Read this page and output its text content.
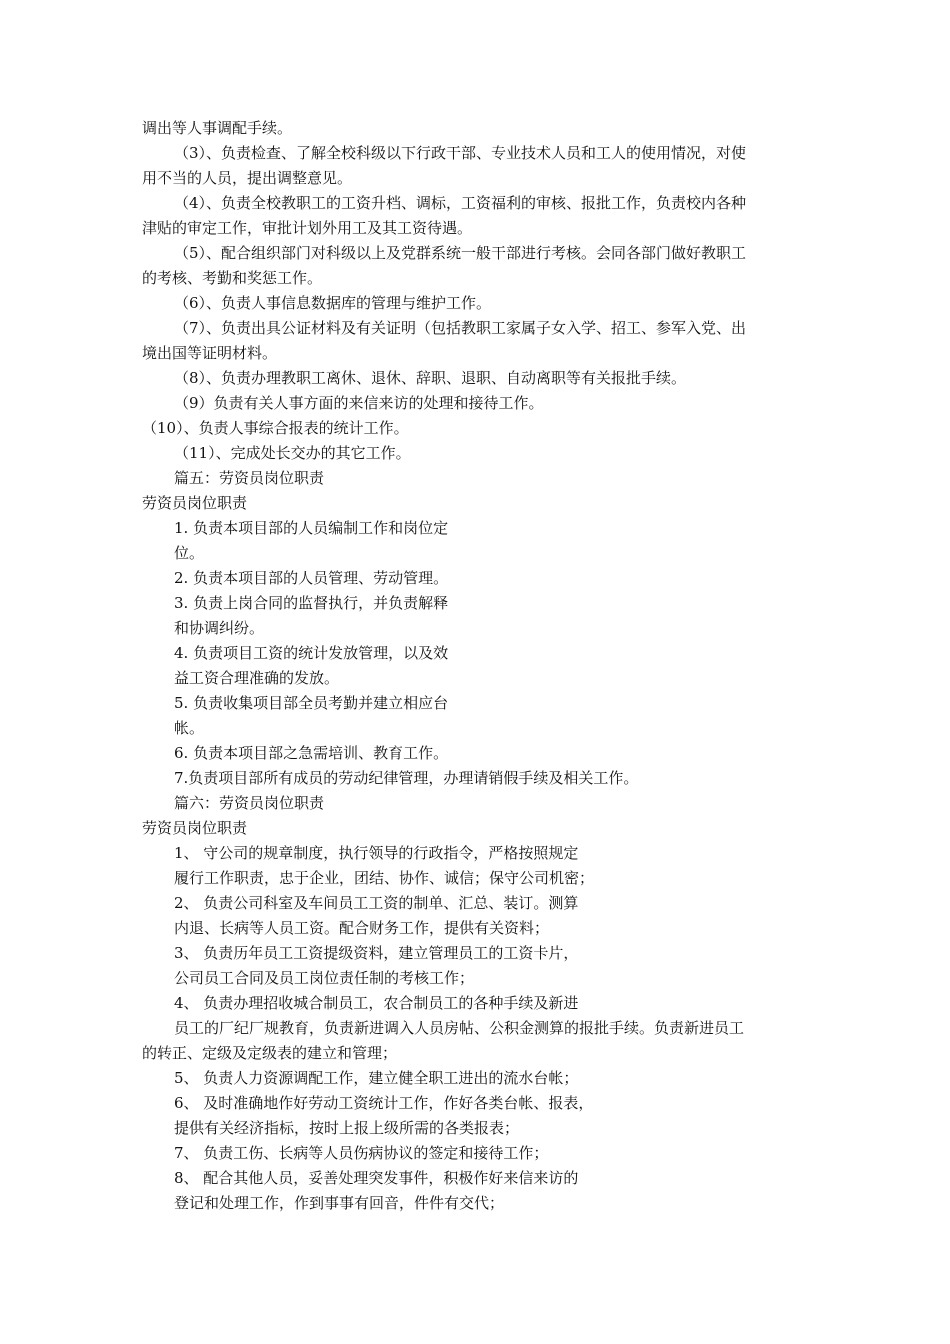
调出等人事调配手续。
（3）、负责检查、了解全校科级以下行政干部、专业技术人员和工人的使用情况，对使
用不当的人员，提出调整意见。
（4）、负责全校教职工的工资升档、调标，工资福利的审核、报批工作，负责校内各种
津贴的审定工作，审批计划外用工及其工资待遇。
（5）、配合组织部门对科级以上及党群系统一般干部进行考核。会同各部门做好教职工
的考核、考勤和奖惩工作。
（6）、负责人事信息数据库的管理与维护工作。
（7）、负责出具公证材料及有关证明（包括教职工家属子女入学、招工、参军入党、出
境出国等证明材料。
（8）、负责办理教职工离休、退休、辞职、退职、自动离职等有关报批手续。
（9）负责有关人事方面的来信来访的处理和接待工作。
（10）、负责人事综合报表的统计工作。
（11）、完成处长交办的其它工作。
篇五：劳资员岗位职责
劳资员岗位职责
1. 负责本项目部的人员编制工作和岗位定
位。
2. 负责本项目部的人员管理、劳动管理。
3. 负责上岗合同的监督执行，并负责解释
和协调纠纷。
4. 负责项目工资的统计发放管理，以及效
益工资合理准确的发放。
5. 负责收集项目部全员考勤并建立相应台
帐。
6. 负责本项目部之急需培训、教育工作。
7.负责项目部所有成员的劳动纪律管理，办理请销假手续及相关工作。
篇六：劳资员岗位职责
劳资员岗位职责
1、 守公司的规章制度，执行领导的行政指令，严格按照规定
履行工作职责，忠于企业，团结、协作、诚信；保守公司机密；
2、 负责公司科室及车间员工工资的制单、汇总、装订。测算
内退、长病等人员工资。配合财务工作，提供有关资料；
3、 负责历年员工工资提级资料，建立管理员工的工资卡片，
公司员工合同及员工岗位责任制的考核工作；
4、 负责办理招收城合制员工，农合制员工的各种手续及新进
员工的厂纪厂规教育，负责新进调入人员房帖、公积金测算的报批手续。负责新进员工
的转正、定级及定级表的建立和管理；
5、 负责人力资源调配工作，建立健全职工进出的流水台帐；
6、 及时准确地作好劳动工资统计工作，作好各类台帐、报表，
提供有关经济指标，按时上报上级所需的各类报表；
7、 负责工伤、长病等人员伤病协议的签定和接待工作；
8、 配合其他人员，妥善处理突发事件，积极作好来信来访的
登记和处理工作，作到事事有回音，件件有交代；
